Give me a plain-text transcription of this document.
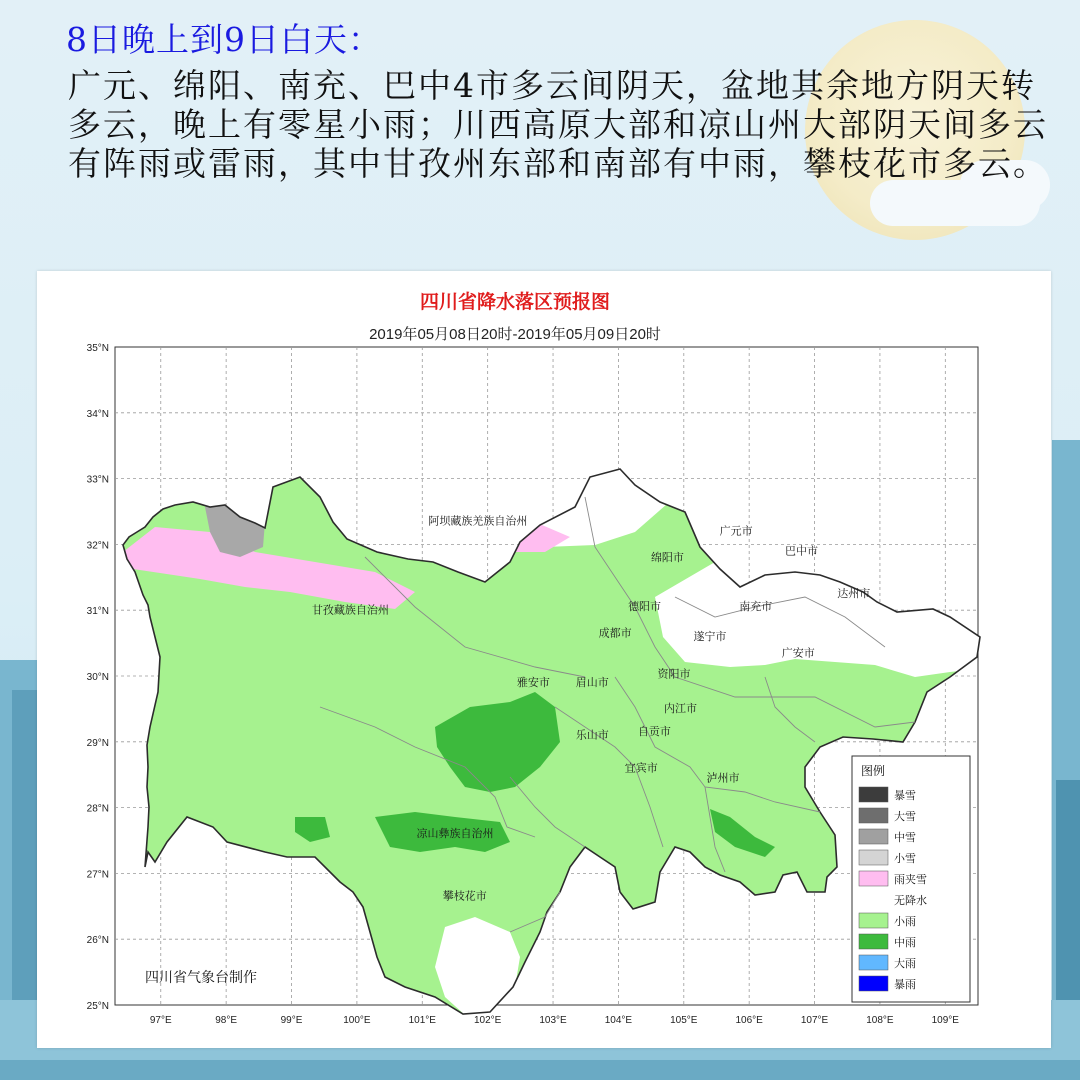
8日晚上到9日白天：

广元、绵阳、南充、巴中4市多云间阴天，盆地其余地方阴天转多云，晚上有零星小雨；川西高原大部和凉山州大部阴天间多云有阵雨或雷雨，其中甘孜州东部和南部有中雨，攀枝花市多云。

四川省降水落区预报图
2019年05月08日20时-2019年05月09日20时
35°N
34°N
33°N
32°N
31°N
30°N
29°N
28°N
27°N
26°N
25°N
97°E	98°E	99°E	100°E	101°E	102°E	103°E	104°E	105°E	106°E	107°E	108°E	109°E
阿坝藏族羌族自治州
甘孜藏族自治州
凉山彝族自治州
攀枝花市
广元市
巴中市
绵阳市
南充市
达州市
德阳市
成都市	遂宁市
广安市
资阳市
雅安市 眉山市
内江市
乐山市	自贡市
宜宾市
泸州市
四川省气象台制作
图例
暴雪
大雪
中雪
小雪
雨夹雪
无降水
小雨
中雨
大雨
暴雨
